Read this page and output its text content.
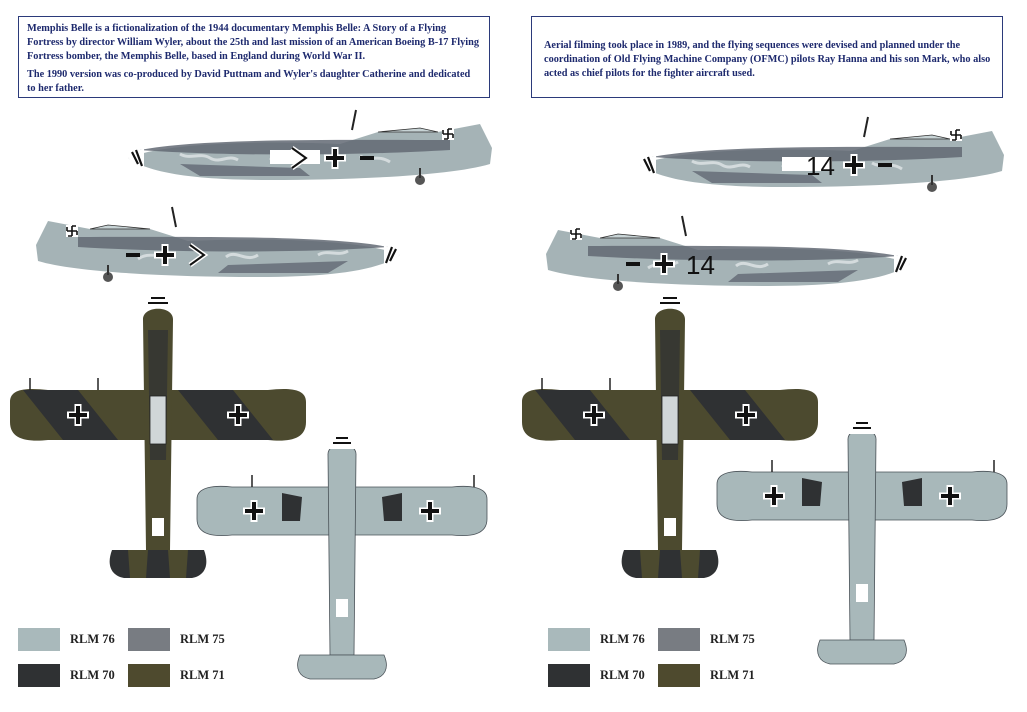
Memphis Belle is a fictionalization of the 1944 documentary Memphis Belle: A Story of a Flying Fortress by director William Wyler, about the 25th and last mission of an American Boeing B-17 Flying Fortress bomber, the Memphis Belle, based in England during World War II.

The 1990 version was co-produced by David Puttnam and Wyler's daughter Catherine and dedicated to her father.

Aerial filming took place in 1989, and the flying sequences were devised and planned under the coordination of Old Flying Machine Company (OFMC) pilots Ray Hanna and his son Mark, who also acted as chief pilots for the fighter aircraft used.

14
14
RLM 76	RLM 75
RLM 70	RLM 71
RLM 76	RLM 75
RLM 70	RLM 71
